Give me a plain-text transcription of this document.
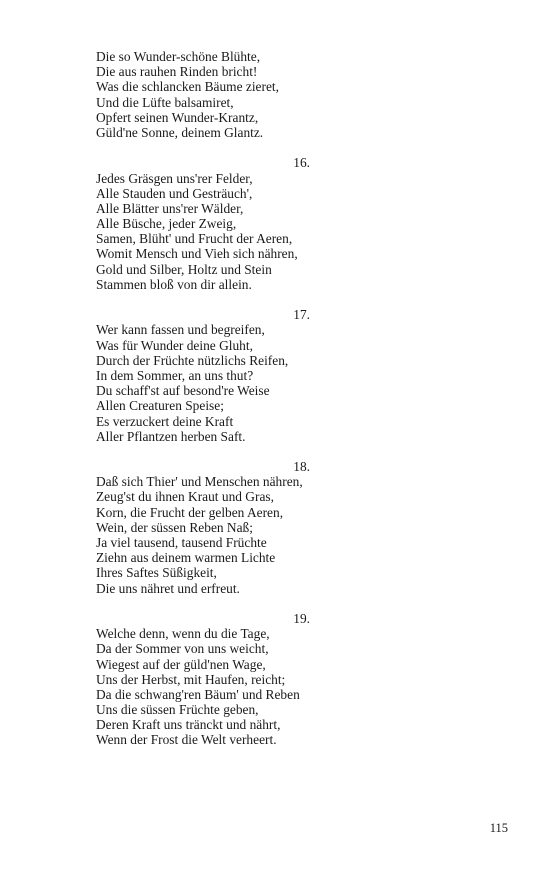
Die so Wunder-schöne Blühte,
Die aus rauhen Rinden bricht!
Was die schlancken Bäume zieret,
Und die Lüfte balsamiret,
Opfert seinen Wunder-Krantz,
Güld'ne Sonne, deinem Glantz.
16.
Jedes Gräsgen uns'rer Felder,
Alle Stauden und Gesträuch',
Alle Blätter uns'rer Wälder,
Alle Büsche, jeder Zweig,
Samen, Blüht' und Frucht der Aeren,
Womit Mensch und Vieh sich nähren,
Gold und Silber, Holtz und Stein
Stammen bloß von dir allein.
17.
Wer kann fassen und begreifen,
Was für Wunder deine Gluht,
Durch der Früchte nützlichs Reifen,
In dem Sommer, an uns thut?
Du schaff'st auf besond're Weise
Allen Creaturen Speise;
Es verzuckert deine Kraft
Aller Pflantzen herben Saft.
18.
Daß sich Thier' und Menschen nähren,
Zeug'st du ihnen Kraut und Gras,
Korn, die Frucht der gelben Aeren,
Wein, der süssen Reben Naß;
Ja viel tausend, tausend Früchte
Ziehn aus deinem warmen Lichte
Ihres Saftes Süßigkeit,
Die uns nähret und erfreut.
19.
Welche denn, wenn du die Tage,
Da der Sommer von uns weicht,
Wiegest auf der güld'nen Wage,
Uns der Herbst, mit Haufen, reicht;
Da die schwang'ren Bäum' und Reben
Uns die süssen Früchte geben,
Deren Kraft uns tränckt und nährt,
Wenn der Frost die Welt verheert.
115
